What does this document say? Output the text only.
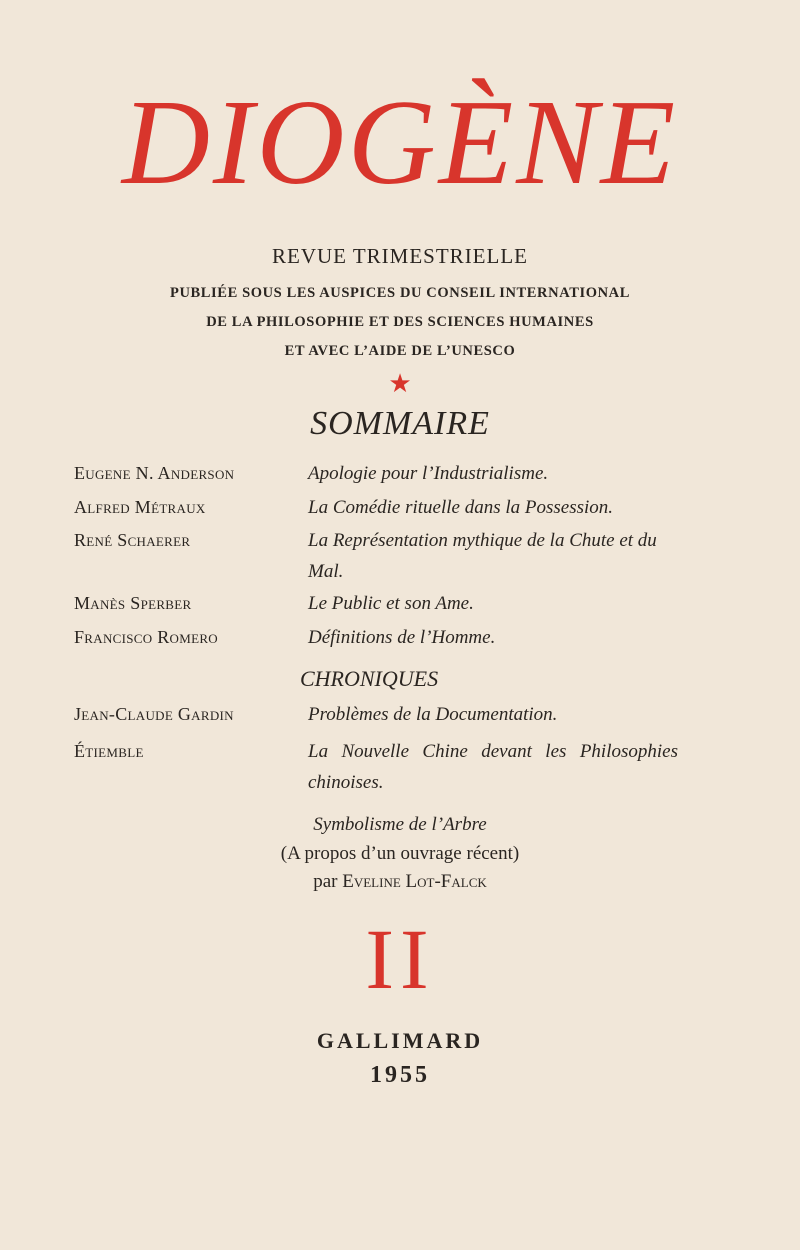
DIOGÈNE
REVUE TRIMESTRIELLE
PUBLIÉE SOUS LES AUSPICES DU CONSEIL INTERNATIONAL
DE LA PHILOSOPHIE ET DES SCIENCES HUMAINES
ET AVEC L’AIDE DE L’UNESCO
★
SOMMAIRE
Eugene N. Anderson	Apologie pour l’Industrialisme.
Alfred Métraux	La Comédie rituelle dans la Possession.
René Schaerer	La Représentation mythique de la Chute et du Mal.
Manès Sperber	Le Public et son Ame.
Francisco Romero	Définitions de l’Homme.
Jean-Claude Gardin	Problèmes de la Documentation.
Étiemble	La Nouvelle Chine devant les Philosophies chinoises.
CHRONIQUES
Symbolisme de l’Arbre
(A propos d’un ouvrage récent)
par Eveline Lot-Falck
II
GALLIMARD
1955
